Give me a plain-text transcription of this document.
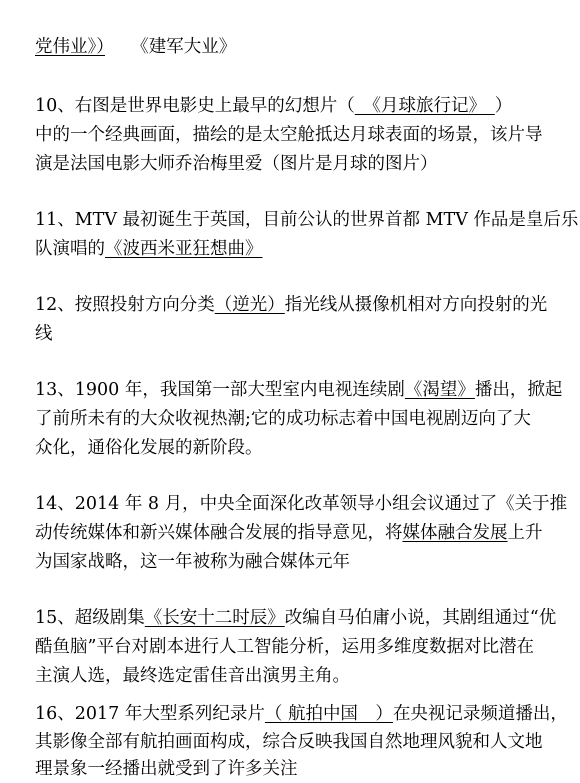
党伟业》）　　 《建军大业》
10、右图是世界电影史上最早的幻想片（　《月球旅行记》　）
中的一个经典画面，描绘的是太空舱抵达月球表面的场景，该片导
演是法国电影大师乔治梅里爱（图片是月球的图片）
11、MTV 最初诞生于英国，目前公认的世界首都 MTV 作品是皇后乐
队演唱的《波西米亚狂想曲》
12、按照投射方向分类（逆光）指光线从摄像机相对方向投射的光
线
13、1900 年，我国第一部大型室内电视连续剧《渴望》播出，掀起
了前所未有的大众收视热潮;它的成功标志着中国电视剧迈向了大
众化，通俗化发展的新阶段。
14、2014 年 8 月，中央全面深化改革领导小组会议通过了《关于推
动传统媒体和新兴媒体融合发展的指导意见，将媒体融合发展上升
为国家战略，这一年被称为融合媒体元年
15、超级剧集《长安十二时辰》改编自马伯庸小说，其剧组通过“优
酷鱼脑”平台对剧本进行人工智能分析，运用多维度数据对比潜在
主演人选，最终选定雷佳音出演男主角。
16、2017 年大型系列纪录片（ 航拍中国　）在央视记录频道播出，
其影像全部有航拍画面构成，综合反映我国自然地理风貌和人文地
理景象一经播出就受到了许多关注
